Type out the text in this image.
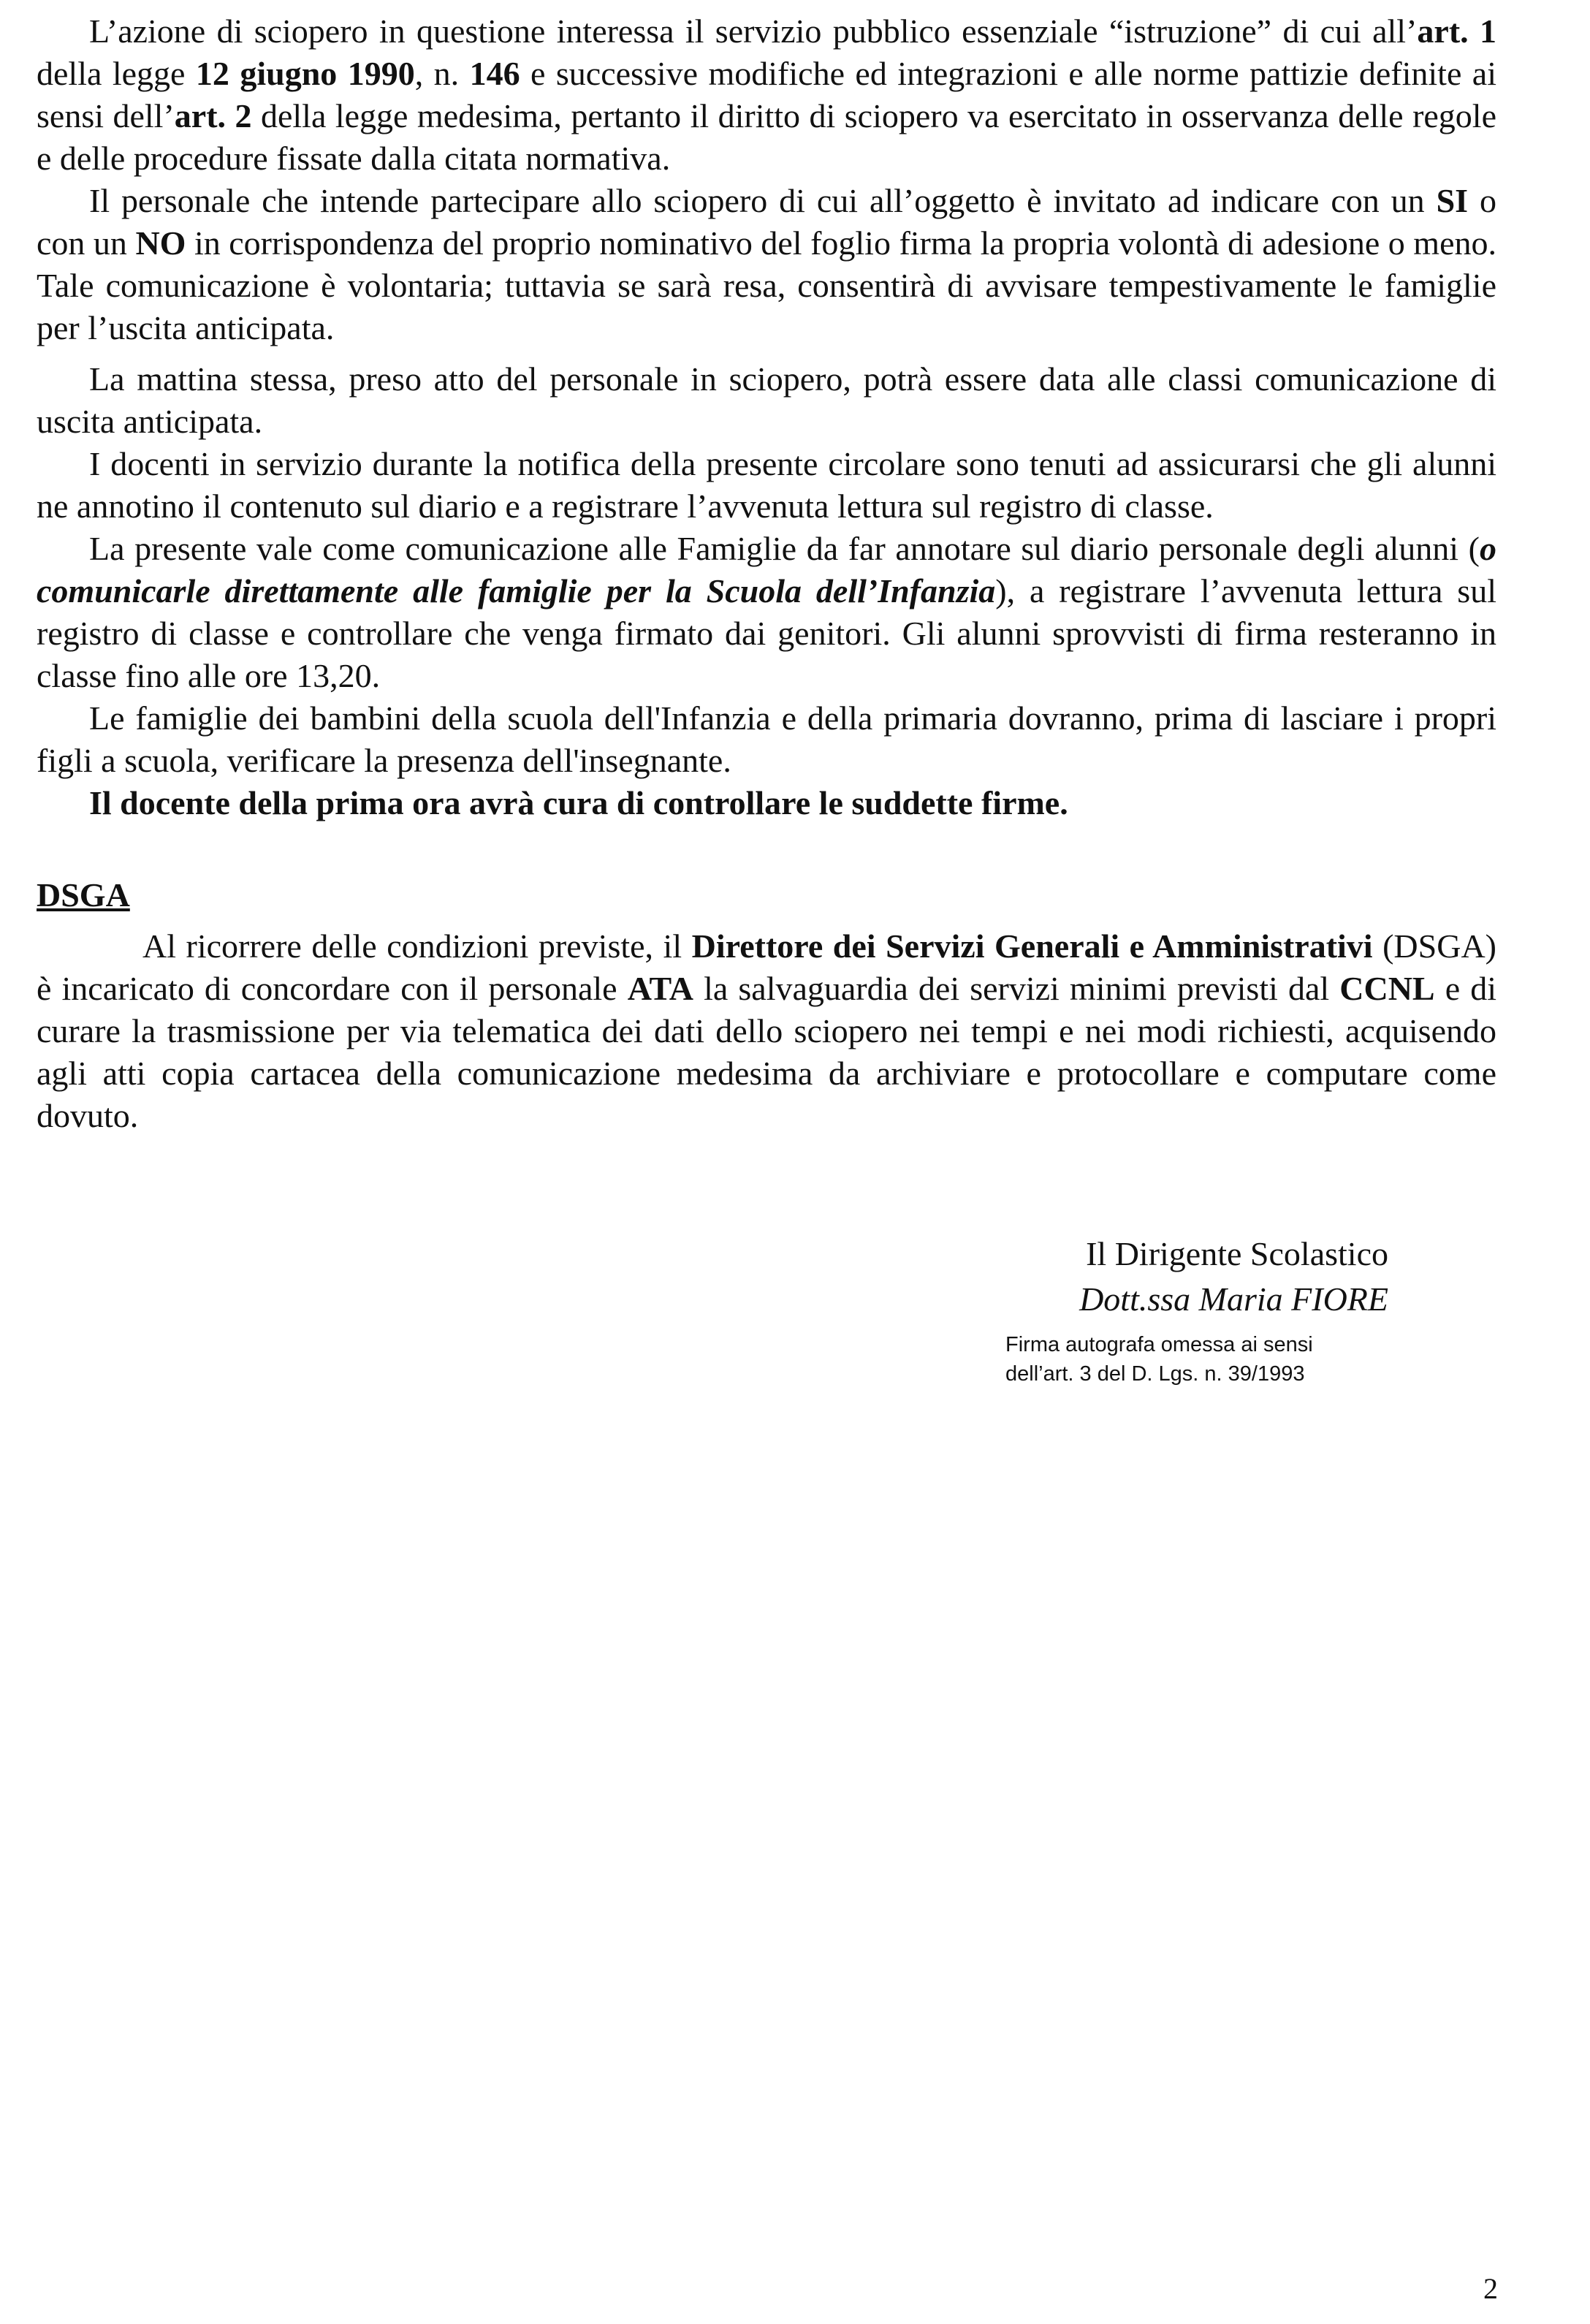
L’azione di sciopero in questione interessa il servizio pubblico essenziale “istruzione” di cui all’art. 1 della legge 12 giugno 1990, n. 146 e successive modifiche ed integrazioni e alle norme pattizie definite ai sensi dell’art. 2 della legge medesima, pertanto il diritto di sciopero va esercitato in osservanza delle regole e delle procedure fissate dalla citata normativa.

Il personale che intende partecipare allo sciopero di cui all’oggetto è invitato ad indicare con un SI o con un NO in corrispondenza del proprio nominativo del foglio firma la propria volontà di adesione o meno. Tale comunicazione è volontaria; tuttavia se sarà resa, consentirà di avvisare tempestivamente le famiglie per l’uscita anticipata.

La mattina stessa, preso atto del personale in sciopero, potrà essere data alle classi comunicazione di uscita anticipata.

I docenti in servizio durante la notifica della presente circolare sono tenuti ad assicurarsi che gli alunni ne annotino il contenuto sul diario e a registrare l’avvenuta lettura sul registro di classe.

La presente vale come comunicazione alle Famiglie da far annotare sul diario personale degli alunni (o comunicarle direttamente alle famiglie per la Scuola dell’Infanzia), a registrare l’avvenuta lettura sul registro di classe e controllare che venga firmato dai genitori. Gli alunni sprovvisti di firma resteranno in classe fino alle ore 13,20.

Le famiglie dei bambini della scuola dell'Infanzia e della primaria dovranno, prima di lasciare i propri figli a scuola, verificare la presenza dell'insegnante.

Il docente della prima ora avrà cura di controllare le suddette firme.

DSGA

Al ricorrere delle condizioni previste, il Direttore dei Servizi Generali e Amministrativi (DSGA) è incaricato di concordare con il personale ATA la salvaguardia dei servizi minimi previsti dal CCNL e di curare la trasmissione per via telematica dei dati dello sciopero nei tempi e nei modi richiesti, acquisendo agli atti copia cartacea della comunicazione medesima da archiviare e protocollare e computare come dovuto.

Il Dirigente Scolastico
Dott.ssa Maria FIORE
Firma autografa omessa ai sensi
dell’art. 3 del D. Lgs. n. 39/1993
2
